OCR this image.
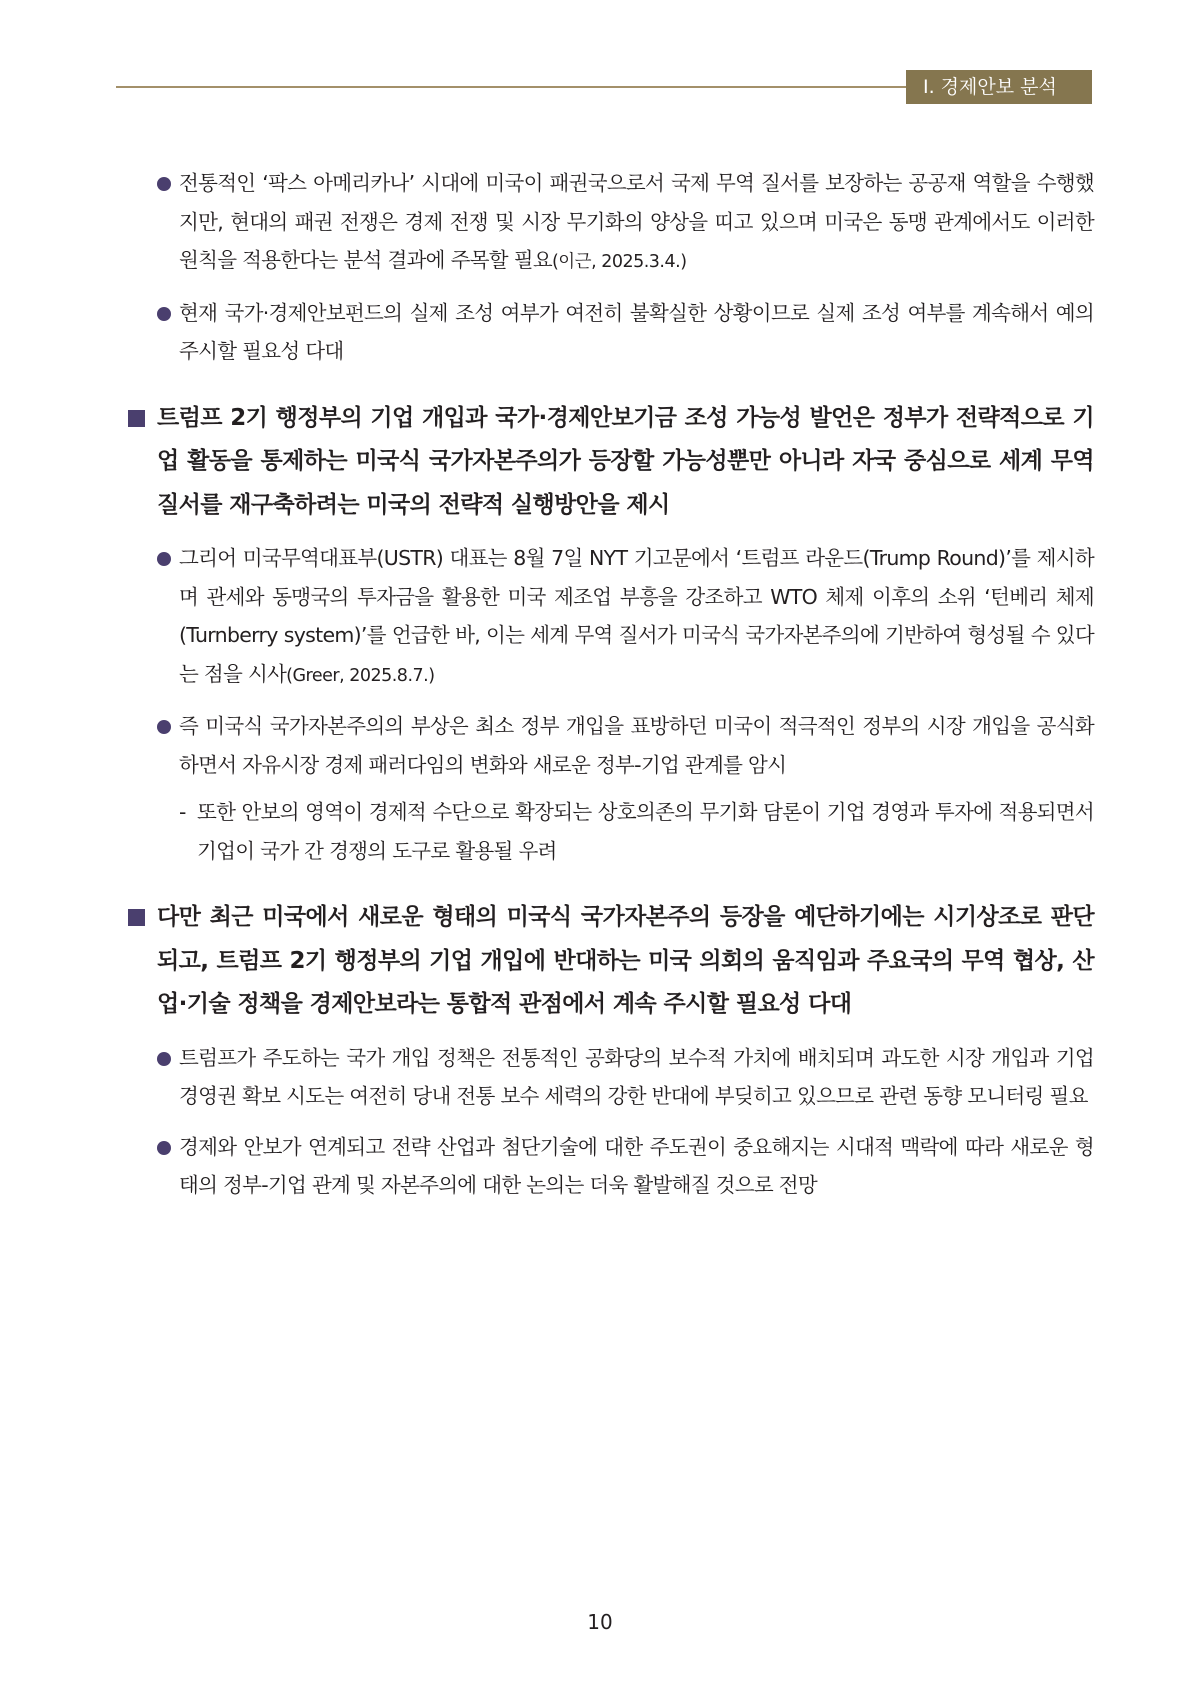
Ⅰ. 경제안보 분석
전통적인 ‘팍스 아메리카나’ 시대에 미국이 패권국으로서 국제 무역 질서를 보장하는 공공재 역할을 수행했지만, 현대의 패권 전쟁은 경제 전쟁 및 시장 무기화의 양상을 띠고 있으며 미국은 동맹 관계에서도 이러한 원칙을 적용한다는 분석 결과에 주목할 필요(이근, 2025.3.4.)
현재 국가·경제안보펀드의 실제 조성 여부가 여전히 불확실한 상황이므로 실제 조성 여부를 계속해서 예의주시할 필요성 다대
트럼프 2기 행정부의 기업 개입과 국가·경제안보기금 조성 가능성 발언은 정부가 전략적으로 기업 활동을 통제하는 미국식 국가자본주의가 등장할 가능성뿐만 아니라 자국 중심으로 세계 무역질서를 재구축하려는 미국의 전략적 실행방안을 제시
그리어 미국무역대표부(USTR) 대표는 8월 7일 NYT 기고문에서 ‘트럼프 라운드(Trump Round)’를 제시하며 관세와 동맹국의 투자금을 활용한 미국 제조업 부흥을 강조하고 WTO 체제 이후의 소위 ‘턴베리 체제(Turnberry system)’를 언급한 바, 이는 세계 무역 질서가 미국식 국가자본주의에 기반하여 형성될 수 있다는 점을 시사(Greer, 2025.8.7.)
즉 미국식 국가자본주의의 부상은 최소 정부 개입을 표방하던 미국이 적극적인 정부의 시장 개입을 공식화하면서 자유시장 경제 패러다임의 변화와 새로운 정부-기업 관계를 암시
- 또한 안보의 영역이 경제적 수단으로 확장되는 상호의존의 무기화 담론이 기업 경영과 투자에 적용되면서 기업이 국가 간 경쟁의 도구로 활용될 우려
다만 최근 미국에서 새로운 형태의 미국식 국가자본주의 등장을 예단하기에는 시기상조로 판단되고, 트럼프 2기 행정부의 기업 개입에 반대하는 미국 의회의 움직임과 주요국의 무역 협상, 산업·기술 정책을 경제안보라는 통합적 관점에서 계속 주시할 필요성 다대
트럼프가 주도하는 국가 개입 정책은 전통적인 공화당의 보수적 가치에 배치되며 과도한 시장 개입과 기업 경영권 확보 시도는 여전히 당내 전통 보수 세력의 강한 반대에 부딪히고 있으므로 관련 동향 모니터링 필요
경제와 안보가 연계되고 전략 산업과 첨단기술에 대한 주도권이 중요해지는 시대적 맥락에 따라 새로운 형태의 정부-기업 관계 및 자본주의에 대한 논의는 더욱 활발해질 것으로 전망
10
